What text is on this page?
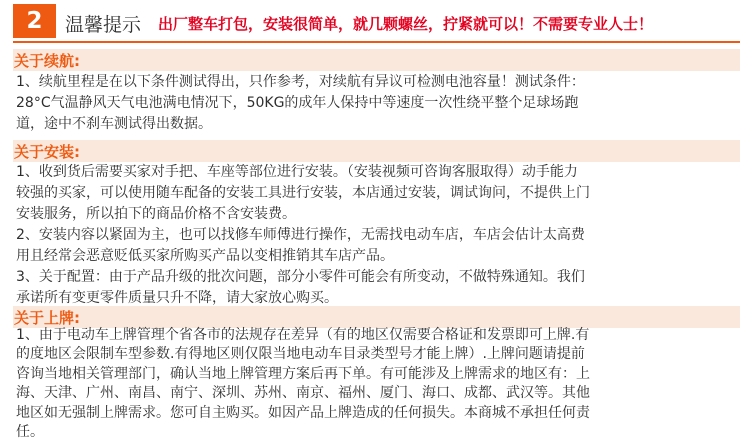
2	温馨提示 出厂整车打包，安装很简单，就几颗螺丝，拧紧就可以！不需要专业人士！
关于续航:
1、续航里程是在以下条件测试得出，只作参考，对续航有异议可检测电池容量！测试条件：
28°C气温静风天气电池满电情况下，50KG的成年人保持中等速度一次性绕平整个足球场跑
道，途中不刹车测试得出数据。
关于安装:
1、收到货后需要买家对手把、车座等部位进行安装。（安装视频可咨询客服取得）动手能力
较强的买家，可以使用随车配备的安装工具进行安装，本店通过安装，调试询问，不提供上门
安装服务，所以拍下的商品价格不含安装费。
2、安装内容以紧固为主，也可以找修车师傅进行操作，无需找电动车店，车店会估计太高费
用且经常会恶意贬低买家所购买产品以变相推销其车店产品。
3、关于配置：由于产品升级的批次问题，部分小零件可能会有所变动，不做特殊通知。我们
承诺所有变更零件质量只升不降，请大家放心购买。
关于上牌:
1、由于电动车上牌管理个省各市的法规存在差异（有的地区仅需要合格证和发票即可上牌.有
的度地区会限制车型参数.有得地区则仅限当地电动车目录类型号才能上牌）.上牌问题请提前
咨询当地相关管理部门，确认当地上牌管理方案后再下单。有可能涉及上牌需求的地区有：上
海、天津、广州、南昌、南宁、深圳、苏州、南京、福州、厦门、海口、成都、武汉等。其他
地区如无强制上牌需求。您可自主购买。如因产品上牌造成的任何损失。本商城不承担任何责
任。
